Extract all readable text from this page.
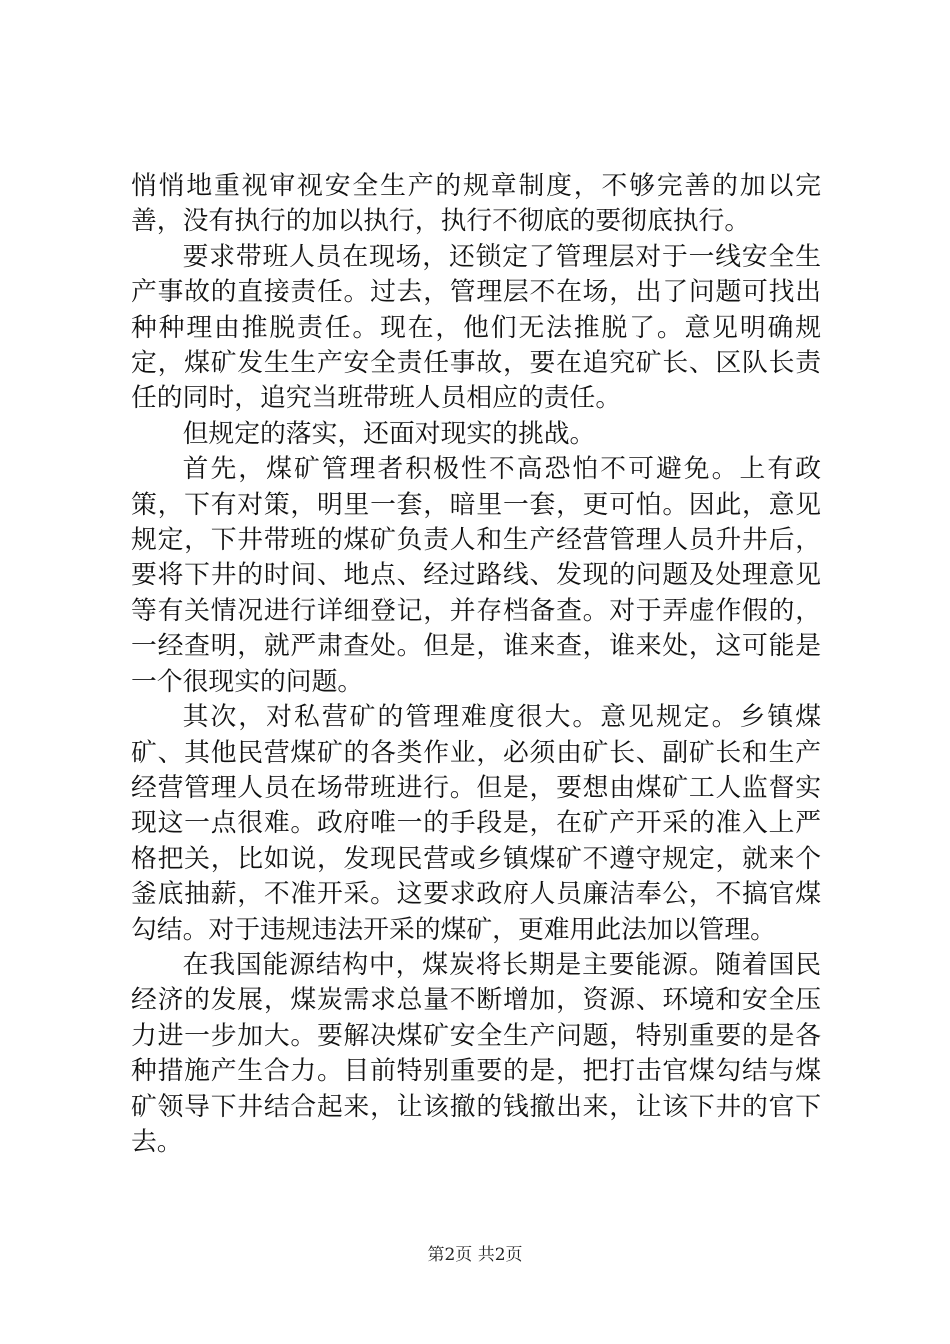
悄悄地重视审视安全生产的规章制度，不够完善的加以完善，没有执行的加以执行，执行不彻底的要彻底执行。

要求带班人员在现场，还锁定了管理层对于一线安全生产事故的直接责任。过去，管理层不在场，出了问题可找出种种理由推脱责任。现在，他们无法推脱了。意见明确规定，煤矿发生生产安全责任事故，要在追究矿长、区队长责任的同时，追究当班带班人员相应的责任。

但规定的落实，还面对现实的挑战。

首先，煤矿管理者积极性不高恐怕不可避免。上有政策，下有对策，明里一套，暗里一套，更可怕。因此，意见规定，下井带班的煤矿负责人和生产经营管理人员升井后，要将下井的时间、地点、经过路线、发现的问题及处理意见等有关情况进行详细登记，并存档备查。对于弄虚作假的，一经查明，就严肃查处。但是，谁来查，谁来处，这可能是一个很现实的问题。

其次，对私营矿的管理难度很大。意见规定。乡镇煤矿、其他民营煤矿的各类作业，必须由矿长、副矿长和生产经营管理人员在场带班进行。但是，要想由煤矿工人监督实现这一点很难。政府唯一的手段是，在矿产开采的准入上严格把关，比如说，发现民营或乡镇煤矿不遵守规定，就来个釜底抽薪，不准开采。这要求政府人员廉洁奉公，不搞官煤勾结。对于违规违法开采的煤矿，更难用此法加以管理。

在我国能源结构中，煤炭将长期是主要能源。随着国民经济的发展，煤炭需求总量不断增加，资源、环境和安全压力进一步加大。要解决煤矿安全生产问题，特别重要的是各种措施产生合力。目前特别重要的是，把打击官煤勾结与煤矿领导下井结合起来，让该撤的钱撤出来，让该下井的官下去。

第2页 共2页
